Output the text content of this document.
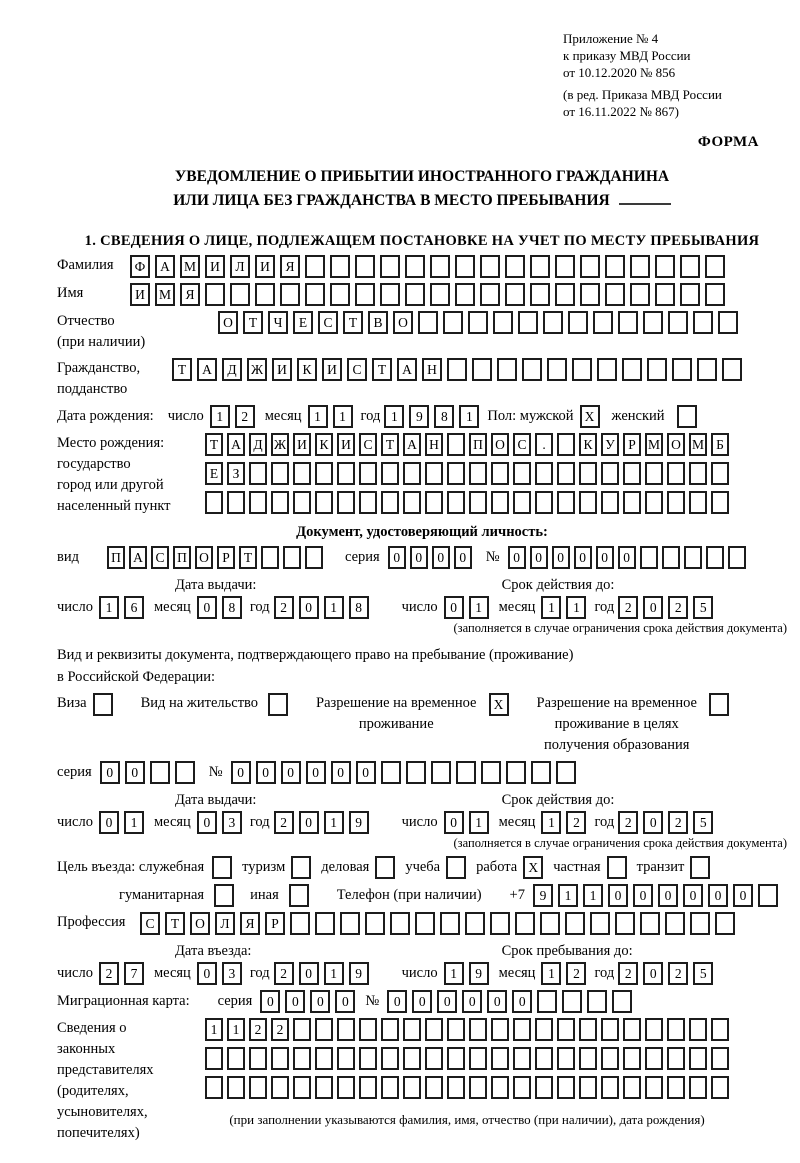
Приложение № 4
к приказу МВД России
от 10.12.2020 № 856
(в ред. Приказа МВД России
от 16.11.2022 № 867)
ФОРМА
УВЕДОМЛЕНИЕ О ПРИБЫТИИ ИНОСТРАННОГО ГРАЖДАНИНА
ИЛИ ЛИЦА БЕЗ ГРАЖДАНСТВА В МЕСТО ПРЕБЫВАНИЯ
1. СВЕДЕНИЯ О ЛИЦЕ, ПОДЛЕЖАЩЕМ ПОСТАНОВКЕ НА УЧЕТ ПО МЕСТУ ПРЕБЫВАНИЯ
Фамилия	Ф	А	М	И	Л	И	Я
Имя	И	М	Я
Отчество
(при наличии)
О	Т	Ч	Е	С	Т	В	О
Гражданство,
подданство
Т	А	Д	Ж	И	К	И	С	Т	А	Н
Дата рождения: число 1	2	месяц 1	1	год 1	9	8	1	Пол: мужской X	женский
Место рождения:
государство
город или другой
населенный пункт
Т А Д Ж И К И С Т А Н	П О С	.	К У Р М О М Б
Е	З
Документ, удостоверяющий личность:
вид	П А С П О Р	Т	серия	0	0	0	0	№	0	0	0	0	0	0
Дата выдачи:
число 1	6	месяц 0	8	год 2	0	1	8
Срок действия до:
число 0	1	месяц 1	1	год 2	0	2	5
(заполняется в случае ограничения срока действия документа)
Вид и реквизиты документа, подтверждающего право на пребывание (проживание)
в Российской Федерации:
Виза	Вид на жительство	Разрешение на временное
проживание
X	Разрешение на временное
проживание в целях
получения образования
серия	0	0	№	0	0	0	0	0	0
Дата выдачи:
число 0	1	месяц 0	3	год 2	0	1	9
Срок действия до:
число 0	1	месяц 1	2	год 2	0	2	5
(заполняется в случае ограничения срока действия документа)
Цель въезда: служебная	туризм деловая учеба работа X	частная транзит
гуманитарная	иная	Телефон (при наличии) +7	9	1	1	0	0	0	0	0	0
Профессия	С	Т	О	Л	Я	Р
Дата въезда:
число 2	7	месяц 0	3	год 2	0	1	9
Срок пребывания до:
число 1	9	месяц 1	2	год 2	0	2	5
Миграционная карта: серия	0	0	0	0	№	0	0	0	0	0	0
Сведения о
законных
представителях
(родителях,
усыновителях,
попечителях)
1	1	2	2
(при заполнении указываются фамилия, имя, отчество (при наличии), дата рождения)
